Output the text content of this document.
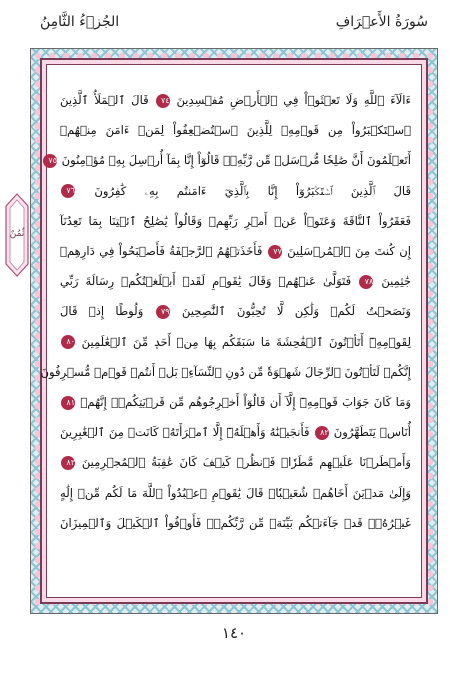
سُورَةُ الأَعۡرَافِ
الجُزۡءُ الثَّامِنُ
ءَالَآءَ ٱللَّهِ وَلَا تَعۡثَوۡاْ فِي ٱلۡأَرۡضِ مُفۡسِدِينَ ٧٤ قَالَ ٱلۡمَلَأُ ٱلَّذِينَ
ٱسۡتَكۡبَرُواْ مِن قَوۡمِهِۦ لِلَّذِينَ ٱسۡتُضۡعِفُواْ لِمَنۡ ءَامَنَ مِنۡهُمۡ
أَتَعۡلَمُونَ أَنَّ صَٰلِحٗا مُّرۡسَلٞ مِّن رَّبِّهِۦۚ قَالُوٓاْ إِنَّا بِمَآ أُرۡسِلَ بِهِۦ مُؤۡمِنُونَ ٧٥
قَالَ ٱلَّذِينَ ٱسۡتَكۡبَرُوٓاْ إِنَّا بِٱلَّذِيٓ ءَامَنتُم بِهِۦ كَٰفِرُونَ ٧٦
فَعَقَرُواْ ٱلنَّاقَةَ وَعَتَوۡاْ عَنۡ أَمۡرِ رَبِّهِمۡ وَقَالُواْ يَٰصَٰلِحُ ٱئۡتِنَا بِمَا تَعِدُنَآ
إِن كُنتَ مِنَ ٱلۡمُرۡسَلِينَ ٧٧ فَأَخَذَتۡهُمُ ٱلرَّجۡفَةُ فَأَصۡبَحُواْ فِي دَارِهِمۡ
جَٰثِمِينَ ٧٨ فَتَوَلَّىٰ عَنۡهُمۡ وَقَالَ يَٰقَوۡمِ لَقَدۡ أَبۡلَغۡتُكُمۡ رِسَالَةَ رَبِّي
وَنَصَحۡتُ لَكُمۡ وَلَٰكِن لَّا تُحِبُّونَ ٱلنَّٰصِحِينَ ٧٩ وَلُوطًا إِذۡ قَالَ
لِقَوۡمِهِۦٓ أَتَأۡتُونَ ٱلۡفَٰحِشَةَ مَا سَبَقَكُم بِهَا مِنۡ أَحَدٖ مِّنَ ٱلۡعَٰلَمِينَ ٨٠
إِنَّكُمۡ لَتَأۡتُونَ ٱلرِّجَالَ شَهۡوَةٗ مِّن دُونِ ٱلنِّسَآءِۚ بَلۡ أَنتُمۡ قَوۡمٞ مُّسۡرِفُونَ
وَمَا كَانَ جَوَابَ قَوۡمِهِۦٓ إِلَّآ أَن قَالُوٓاْ أَخۡرِجُوهُم مِّن قَرۡيَتِكُمۡۖ إِنَّهُمۡ ٨١
أُنَاسٞ يَتَطَهَّرُونَ ٨٢ فَأَنجَيۡنَٰهُ وَأَهۡلَهُۥٓ إِلَّا ٱمۡرَأَتَهُۥ كَانَتۡ مِنَ ٱلۡغَٰبِرِينَ
وَأَمۡطَرۡنَا عَلَيۡهِم مَّطَرٗاۖ فَٱنظُرۡ كَيۡفَ كَانَ عَٰقِبَةُ ٱلۡمُجۡرِمِينَ ٨٣
وَإِلَىٰ مَدۡيَنَ أَخَاهُمۡ شُعَيۡبٗاۚ قَالَ يَٰقَوۡمِ ٱعۡبُدُواْ ٱللَّهَ مَا لَكُم مِّنۡ إِلَٰهٍ
غَيۡرُهُۥۖ قَدۡ جَآءَتۡكُم بَيِّنَةٞ مِّن رَّبِّكُمۡۖ فَأَوۡفُواْ ٱلۡكَيۡلَ وَٱلۡمِيزَانَ
ثُمُنٌ
١٤٠
